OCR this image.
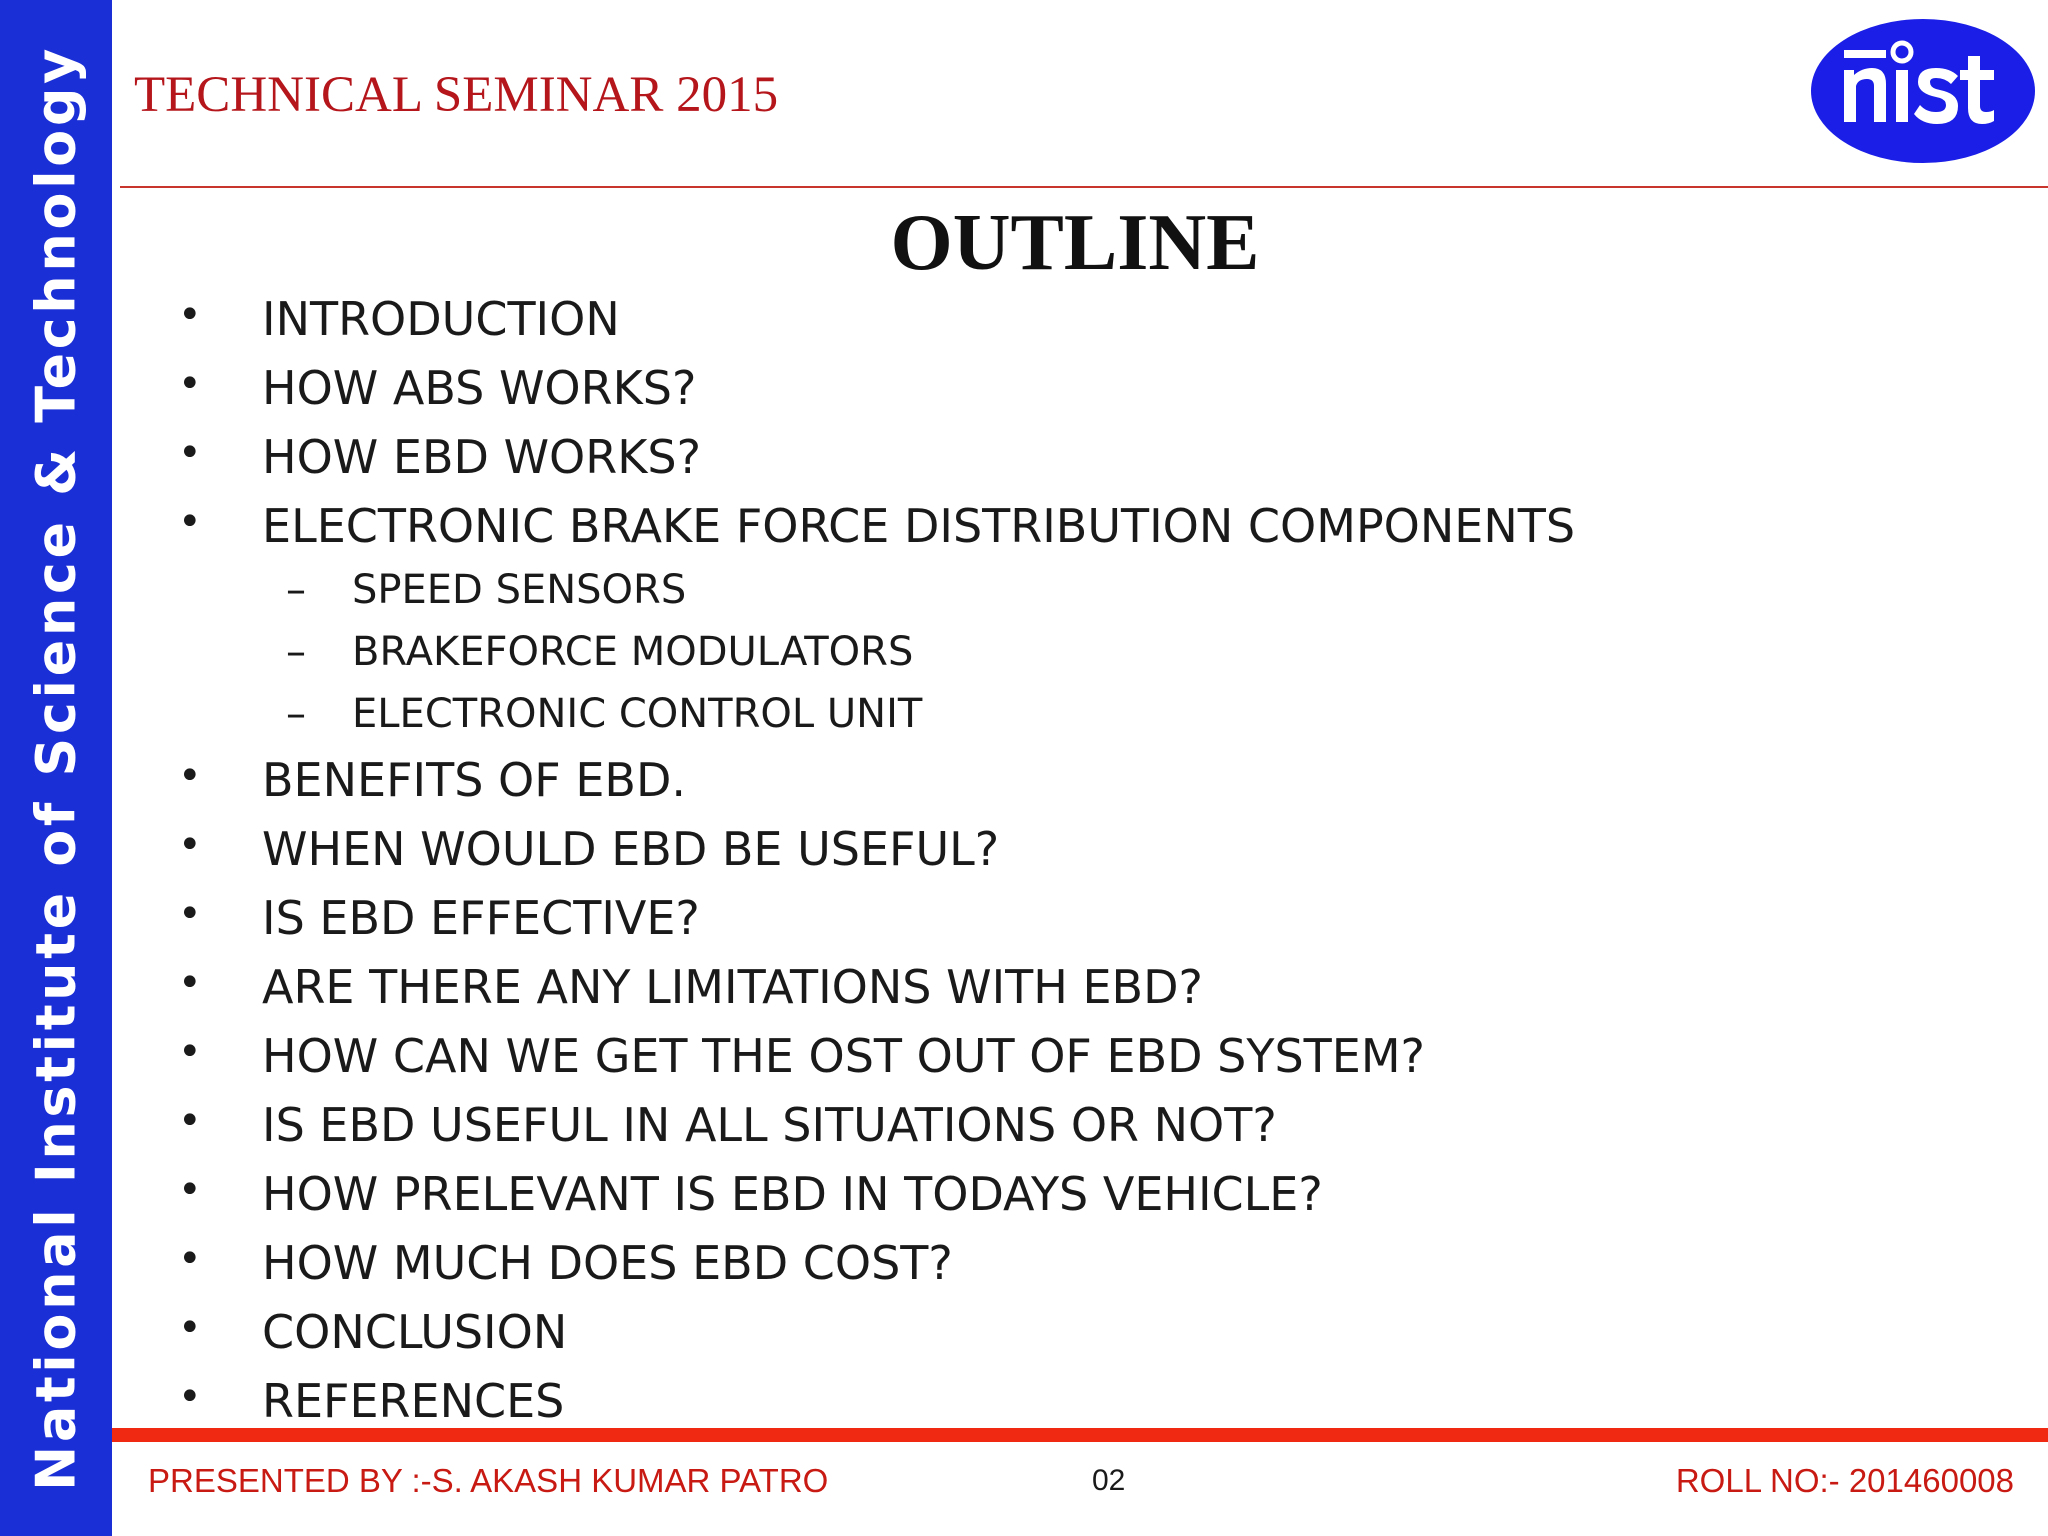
National Institute of Science & Technology TECHNICAL SEMINAR 2015
OUTLINE
• INTRODUCTION
• HOW ABS WORKS?
• HOW EBD WORKS?
• ELECTRONIC BRAKE FORCE DISTRIBUTION COMPONENTS
– SPEED SENSORS
– BRAKEFORCE MODULATORS
– ELECTRONIC CONTROL UNIT
• BENEFITS OF EBD.
• WHEN WOULD EBD BE USEFUL?
• IS EBD EFFECTIVE?
• ARE THERE ANY LIMITATIONS WITH EBD?
• HOW CAN WE GET THE OST OUT OF EBD SYSTEM?
• IS EBD USEFUL IN ALL SITUATIONS OR NOT?
• HOW PRELEVANT IS EBD IN TODAYS VEHICLE?
• HOW MUCH DOES EBD COST?
• CONCLUSION
• REFERENCES
PRESENTED BY :-S. AKASH KUMAR PATRO	02	ROLL NO:- 201460008
